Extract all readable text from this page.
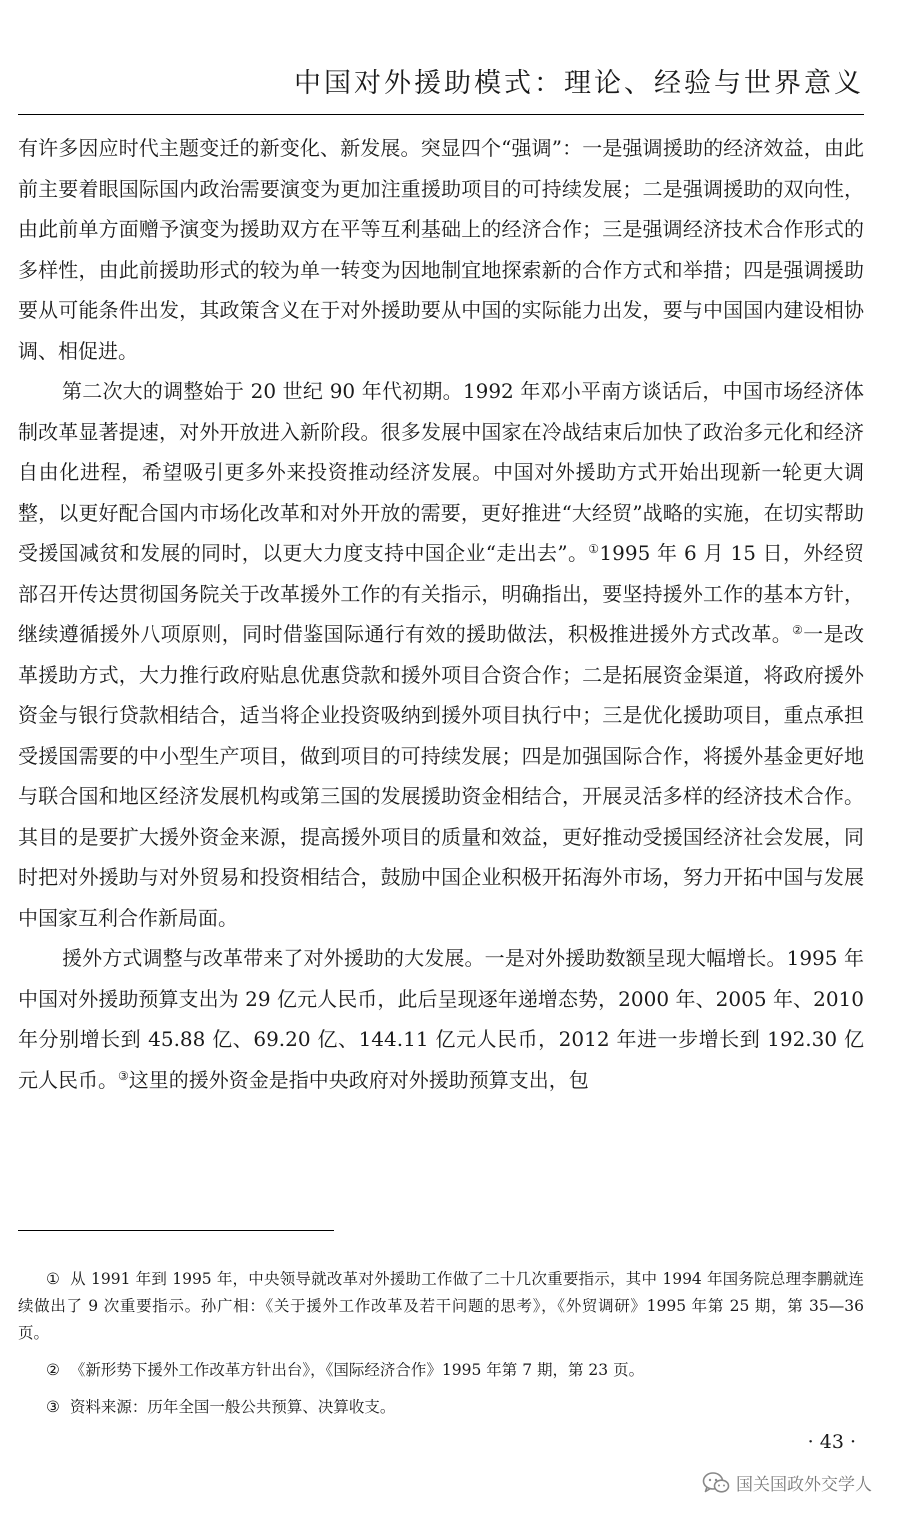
中国对外援助模式：理论、经验与世界意义

有许多因应时代主题变迁的新变化、新发展。突显四个“强调”：一是强调援助的经济效益，由此前主要着眼国际国内政治需要演变为更加注重援助项目的可持续发展；二是强调援助的双向性，由此前单方面赠予演变为援助双方在平等互利基础上的经济合作；三是强调经济技术合作形式的多样性，由此前援助形式的较为单一转变为因地制宜地探索新的合作方式和举措；四是强调援助要从可能条件出发，其政策含义在于对外援助要从中国的实际能力出发，要与中国国内建设相协调、相促进。

第二次大的调整始于 20 世纪 90 年代初期。1992 年邓小平南方谈话后，中国市场经济体制改革显著提速，对外开放进入新阶段。很多发展中国家在冷战结束后加快了政治多元化和经济自由化进程，希望吸引更多外来投资推动经济发展。中国对外援助方式开始出现新一轮更大调整，以更好配合国内市场化改革和对外开放的需要，更好推进“大经贸”战略的实施，在切实帮助受援国减贫和发展的同时，以更大力度支持中国企业“走出去”。①1995 年 6 月 15 日，外经贸部召开传达贯彻国务院关于改革援外工作的有关指示，明确指出，要坚持援外工作的基本方针，继续遵循援外八项原则，同时借鉴国际通行有效的援助做法，积极推进援外方式改革。②一是改革援助方式，大力推行政府贴息优惠贷款和援外项目合资合作；二是拓展资金渠道，将政府援外资金与银行贷款相结合，适当将企业投资吸纳到援外项目执行中；三是优化援助项目，重点承担受援国需要的中小型生产项目，做到项目的可持续发展；四是加强国际合作，将援外基金更好地与联合国和地区经济发展机构或第三国的发展援助资金相结合，开展灵活多样的经济技术合作。其目的是要扩大援外资金来源，提高援外项目的质量和效益，更好推动受援国经济社会发展，同时把对外援助与对外贸易和投资相结合，鼓励中国企业积极开拓海外市场，努力开拓中国与发展中国家互利合作新局面。

援外方式调整与改革带来了对外援助的大发展。一是对外援助数额呈现大幅增长。1995 年中国对外援助预算支出为 29 亿元人民币，此后呈现逐年递增态势，2000 年、2005 年、2010 年分别增长到 45.88 亿、69.20 亿、144.11 亿元人民币，2012 年进一步增长到 192.30 亿元人民币。③这里的援外资金是指中央政府对外援助预算支出，包

① 从 1991 年到 1995 年，中央领导就改革对外援助工作做了二十几次重要指示，其中 1994 年国务院总理李鹏就连续做出了 9 次重要指示。孙广相：《关于援外工作改革及若干问题的思考》，《外贸调研》1995 年第 25 期，第 35—36 页。

② 《新形势下援外工作改革方针出台》，《国际经济合作》1995 年第 7 期，第 23 页。

③ 资料来源：历年全国一般公共预算、决算收支。

· 43 ·
国关国政外交学人
